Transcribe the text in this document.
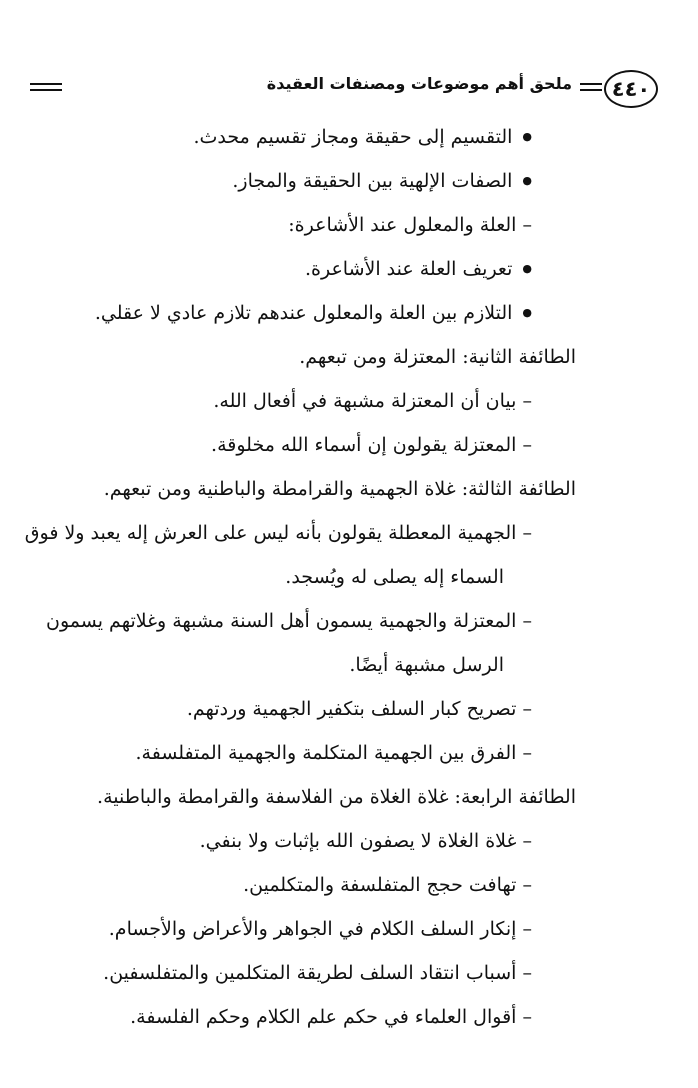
٤٤٠
ملحق أهم موضوعات ومصنفات العقيدة
● التقسيم إلى حقيقة ومجاز تقسيم محدث.
● الصفات الإلهية بين الحقيقة والمجاز.
– العلة والمعلول عند الأشاعرة:
● تعريف العلة عند الأشاعرة.
● التلازم بين العلة والمعلول عندهم تلازم عادي لا عقلي.
الطائفة الثانية: المعتزلة ومن تبعهم.
– بيان أن المعتزلة مشبهة في أفعال الله.
– المعتزلة يقولون إن أسماء الله مخلوقة.
الطائفة الثالثة: غلاة الجهمية والقرامطة والباطنية ومن تبعهم.
– الجهمية المعطلة يقولون بأنه ليس على العرش إله يعبد ولا فوق
السماء إله يصلى له ويُسجد.
– المعتزلة والجهمية يسمون أهل السنة مشبهة وغلاتهم يسمون
الرسل مشبهة أيضًا.
– تصريح كبار السلف بتكفير الجهمية وردتهم.
– الفرق بين الجهمية المتكلمة والجهمية المتفلسفة.
الطائفة الرابعة: غلاة الغلاة من الفلاسفة والقرامطة والباطنية.
– غلاة الغلاة لا يصفون الله بإثبات ولا بنفي.
– تهافت حجج المتفلسفة والمتكلمين.
– إنكار السلف الكلام في الجواهر والأعراض والأجسام.
– أسباب انتقاد السلف لطريقة المتكلمين والمتفلسفين.
– أقوال العلماء في حكم علم الكلام وحكم الفلسفة.
